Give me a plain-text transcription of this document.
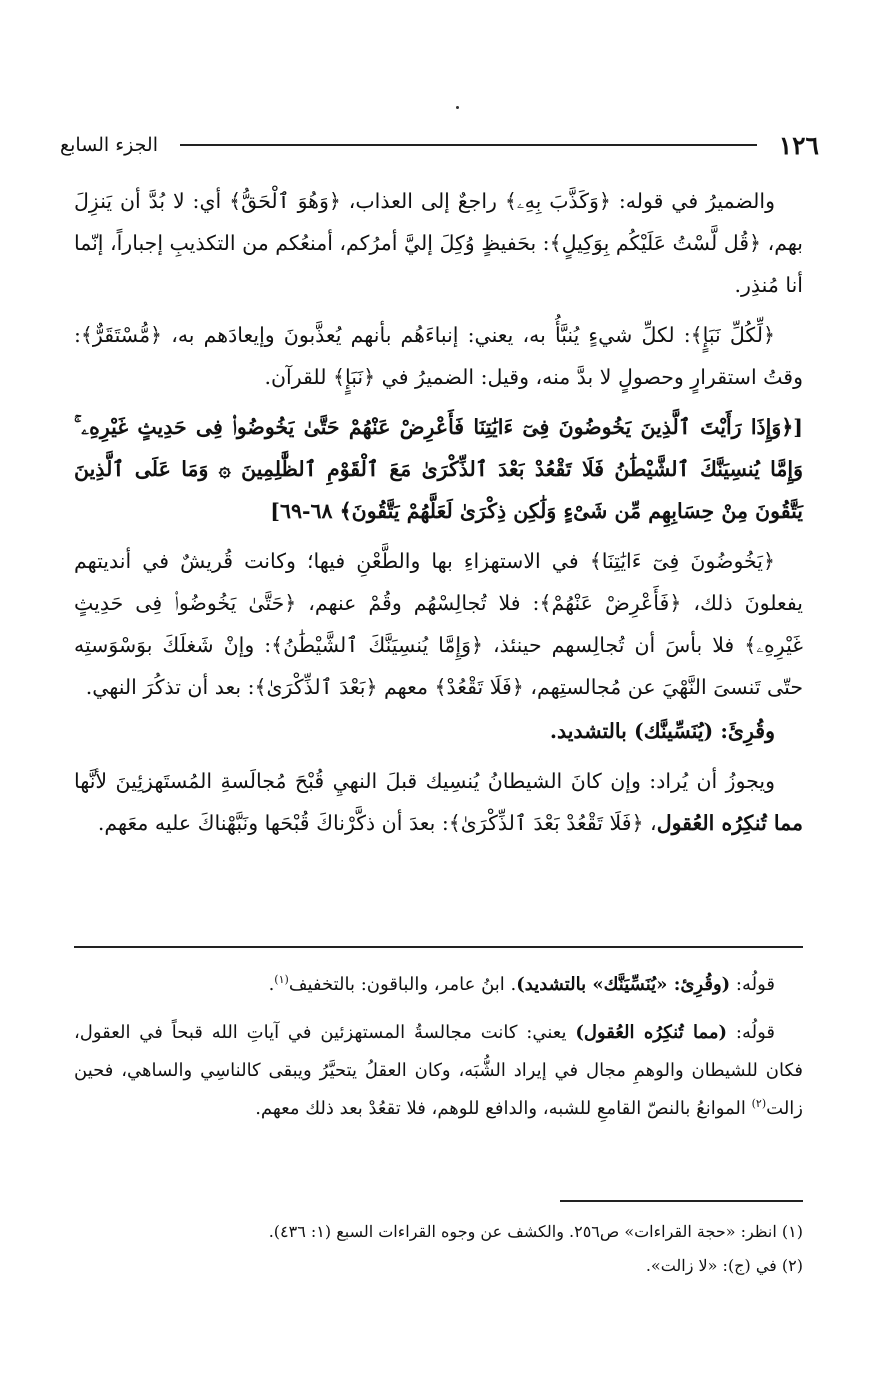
١٢٦
الجزء السابع

والضميرُ في قوله: ﴿وَكَذَّبَ بِهِۦ﴾ راجعٌ إلى العذاب، ﴿وَهُوَ ٱلْحَقُّ﴾ أي: لا بُدَّ أن يَنزِلَ بهم، ﴿قُل لَّسْتُ عَلَيْكُم بِوَكِيلٍ﴾: بحَفيظٍ وُكِلَ إليَّ أمرُكم، أمنعُكم من التكذيبِ إجباراً، إنّما أنا مُنذِر.

﴿لِّكُلِّ نَبَإٍ﴾: لكلِّ شيءٍ يُنبَّأُ به، يعني: إنباءَهُم بأنهم يُعذَّبونَ وإيعادَهم به، ﴿مُّسْتَقَرٌّ﴾: وقتُ استقرارٍ وحصولٍ لا بدَّ منه، وقيل: الضميرُ في ﴿نَبَإٍ﴾ للقرآن.

[﴿وَإِذَا رَأَيْتَ ٱلَّذِينَ يَخُوضُونَ فِىٓ ءَايَٰتِنَا فَأَعْرِضْ عَنْهُمْ حَتَّىٰ يَخُوضُوا۟ فِى حَدِيثٍ غَيْرِهِۦ ۚ وَإِمَّا يُنسِيَنَّكَ ٱلشَّيْطَٰنُ فَلَا تَقْعُدْ بَعْدَ ٱلذِّكْرَىٰ مَعَ ٱلْقَوْمِ ٱلظَّٰلِمِينَ ۞ وَمَا عَلَى ٱلَّذِينَ يَتَّقُونَ مِنْ حِسَابِهِم مِّن شَىْءٍ وَلَٰكِن ذِكْرَىٰ لَعَلَّهُمْ يَتَّقُونَ﴾ ٦٨-٦٩]

﴿يَخُوضُونَ فِىٓ ءَايَٰتِنَا﴾ في الاستهزاءِ بها والطَّعْنِ فيها؛ وكانت قُريشٌ في أنديتهم يفعلونَ ذلك، ﴿فَأَعْرِضْ عَنْهُمْ﴾: فلا تُجالِسْهُم وقُمْ عنهم، ﴿حَتَّىٰ يَخُوضُوا۟ فِى حَدِيثٍ غَيْرِهِۦ﴾ فلا بأسَ أن تُجالِسهم حينئذ، ﴿وَإِمَّا يُنسِيَنَّكَ ٱلشَّيْطَٰنُ﴾: وإنْ شَغلَكَ بوَسْوَستِه حتّى تَنسىَ النَّهْيَ عن مُجالستِهم، ﴿فَلَا تَقْعُدْ﴾ معهم ﴿بَعْدَ ٱلذِّكْرَىٰ﴾: بعد أن تذكُرَ النهي.

وقُرِئَ: (يُنَسِّينَّك) بالتشديد.

ويجوزُ أن يُراد: وإن كانَ الشيطانُ يُنسِيك قبلَ النهيِ قُبْحَ مُجالَسةِ المُستَهزئِينَ لأنَّها مما تُنكِرُه العُقول، ﴿فَلَا تَقْعُدْ بَعْدَ ٱلذِّكْرَىٰ﴾: بعدَ أن ذكَّرْناكَ قُبْحَها ونَبَّهْناكَ عليه معَهم.

قولُه: (وقُرِئ: «يُنَسِّيَنَّك» بالتشديد). ابنُ عامر، والباقون: بالتخفيف$^{(١)}$.

قولُه: (مما تُنكِرُه العُقول) يعني: كانت مجالسةُ المستهزئين في آياتِ الله قبحاً في العقول، فكان للشيطان والوهمِ مجال في إيراد الشُّبَه، وكان العقلُ يتحيَّرُ ويبقى كالناسِي والساهي، فحين زالت$^{(٢)}$ الموانعُ بالنصّ القامعِ للشبه، والدافع للوهم، فلا تقعُدْ بعد ذلك معهم.

(١) انظر: «حجة القراءات» ص٢٥٦. والكشف عن وجوه القراءات السبع (١: ٤٣٦).

(٢) في (ج): «لا زالت».
